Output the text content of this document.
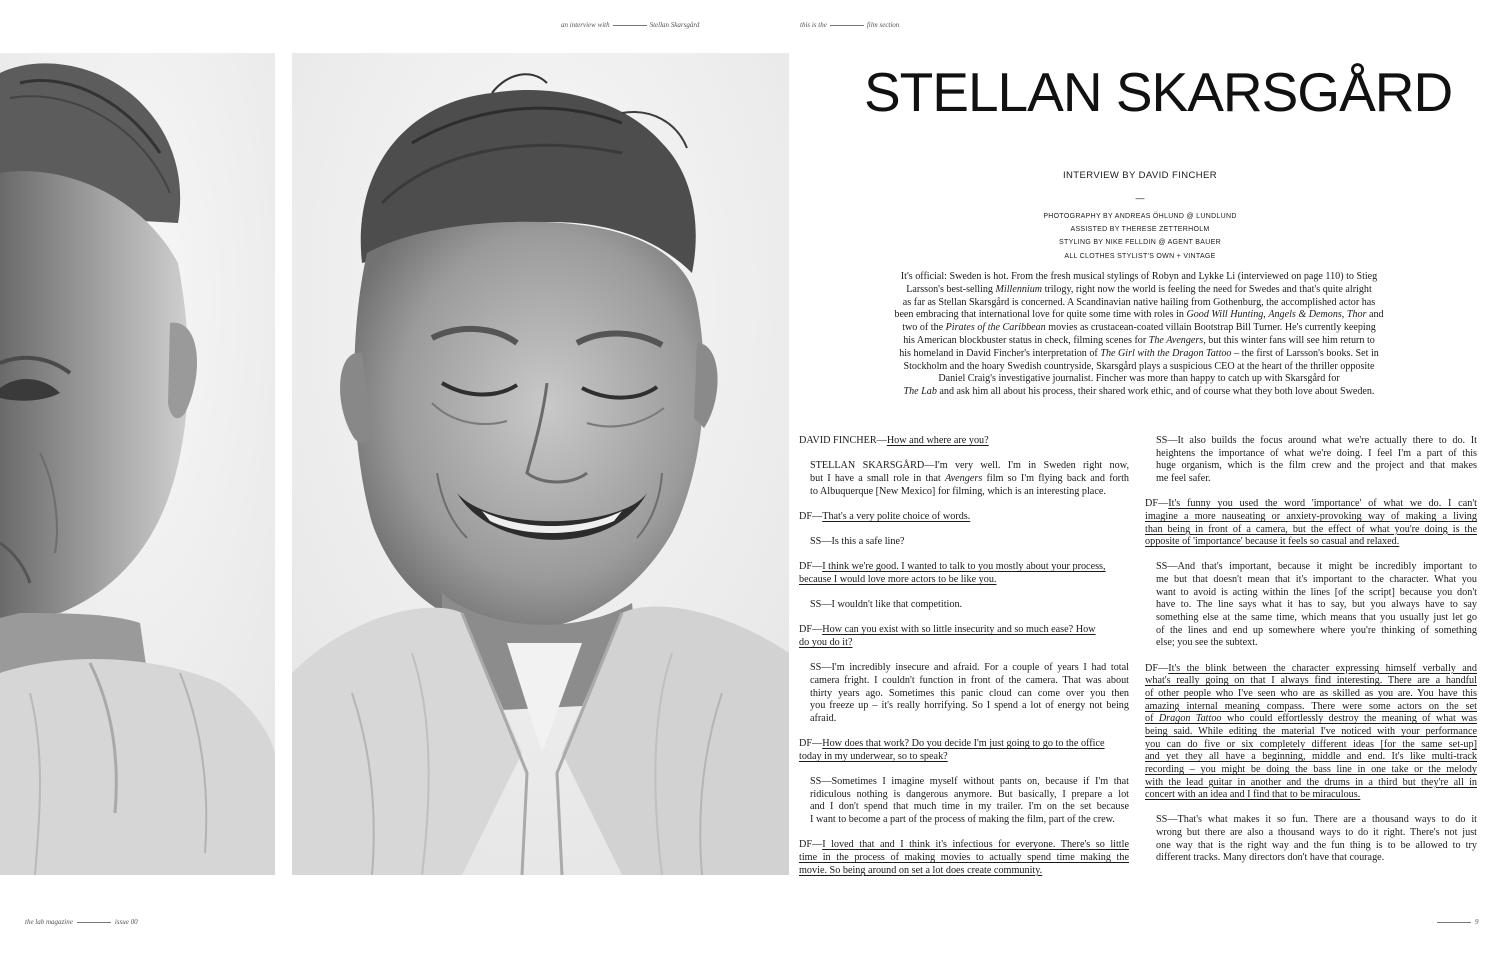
an interview with	Stellan Skarsgård	this is the	film section
STELLAN SKARSGÅRD
INTERVIEW BY DAVID FINCHER
—
PHOTOGRAPHY BY ANDREAS ÖHLUND @ LUNDLUND
ASSISTED BY THERESE ZETTERHOLM
STYLING BY NIKE FELLDIN @ AGENT BAUER
ALL CLOTHES STYLIST'S OWN + VINTAGE
It's official: Sweden is hot. From the fresh musical stylings of Robyn and Lykke Li (interviewed on page 110) to Stieg
Larsson's best-selling Millennium trilogy, right now the world is feeling the need for Swedes and that's quite alright
as far as Stellan Skarsgård is concerned. A Scandinavian native hailing from Gothenburg, the accomplished actor has
been embracing that international love for quite some time with roles in Good Will Hunting, Angels & Demons, Thor and
two of the Pirates of the Caribbean movies as crustacean-coated villain Bootstrap Bill Turner. He's currently keeping
his American blockbuster status in check, filming scenes for The Avengers, but this winter fans will see him return to
his homeland in David Fincher's interpretation of The Girl with the Dragon Tattoo – the first of Larsson's books. Set in
Stockholm and the hoary Swedish countryside, Skarsgård plays a suspicious CEO at the heart of the thriller opposite
Daniel Craig's investigative journalist. Fincher was more than happy to catch up with Skarsgård for
The Lab and ask him all about his process, their shared work ethic, and of course what they both love about Sweden.
DAVID FINCHER—How and where are you?
STELLAN SKARSGÅRD—I'm very well. I'm in Sweden right now,
but I have a small role in that Avengers film so I'm flying back and forth
to Albuquerque [New Mexico] for filming, which is an interesting place.
DF—That's a very polite choice of words.
SS—Is this a safe line?
DF—I think we're good. I wanted to talk to you mostly about your process,
because I would love more actors to be like you.
SS—I wouldn't like that competition.
DF—How can you exist with so little insecurity and so much ease? How
do you do it?
SS—I'm incredibly insecure and afraid. For a couple of years I had total
camera fright. I couldn't function in front of the camera. That was about
thirty years ago. Sometimes this panic cloud can come over you then
you freeze up – it's really horrifying. So I spend a lot of energy not being
afraid.
DF—How does that work? Do you decide I'm just going to go to the office
today in my underwear, so to speak?
SS—Sometimes I imagine myself without pants on, because if I'm that
ridiculous nothing is dangerous anymore. But basically, I prepare a lot
and I don't spend that much time in my trailer. I'm on the set because
I want to become a part of the process of making the film, part of the crew.
DF—I loved that and I think it's infectious for everyone. There's so little
time in the process of making movies to actually spend time making the
movie. So being around on set a lot does create community.
SS—It also builds the focus around what we're actually there to do. It
heightens the importance of what we're doing. I feel I'm a part of this
huge organism, which is the film crew and the project and that makes
me feel safer.
DF—It's funny you used the word 'importance' of what we do. I can't
imagine a more nauseating or anxiety-provoking way of making a living
than being in front of a camera, but the effect of what you're doing is the
opposite of 'importance' because it feels so casual and relaxed.
SS—And that's important, because it might be incredibly important to
me but that doesn't mean that it's important to the character. What you
want to avoid is acting within the lines [of the script] because you don't
have to. The line says what it has to say, but you always have to say
something else at the same time, which means that you usually just let go
of the lines and end up somewhere where you're thinking of something
else; you see the subtext.
DF—It's the blink between the character expressing himself verbally and
what's really going on that I always find interesting. There are a handful
of other people who I've seen who are as skilled as you are. You have this
amazing internal meaning compass. There were some actors on the set
of Dragon Tattoo who could effortlessly destroy the meaning of what was
being said. While editing the material I've noticed with your performance
you can do five or six completely different ideas [for the same set-up]
and yet they all have a beginning, middle and end. It's like multi-track
recording – you might be doing the bass line in one take or the melody
with the lead guitar in another and the drums in a third but they're all in
concert with an idea and I find that to be miraculous.
SS—That's what makes it so fun. There are a thousand ways to do it
wrong but there are also a thousand ways to do it right. There's not just
one way that is the right way and the fun thing is to be allowed to try
different tracks. Many directors don't have that courage.
the lab magazine	issue 00	9
